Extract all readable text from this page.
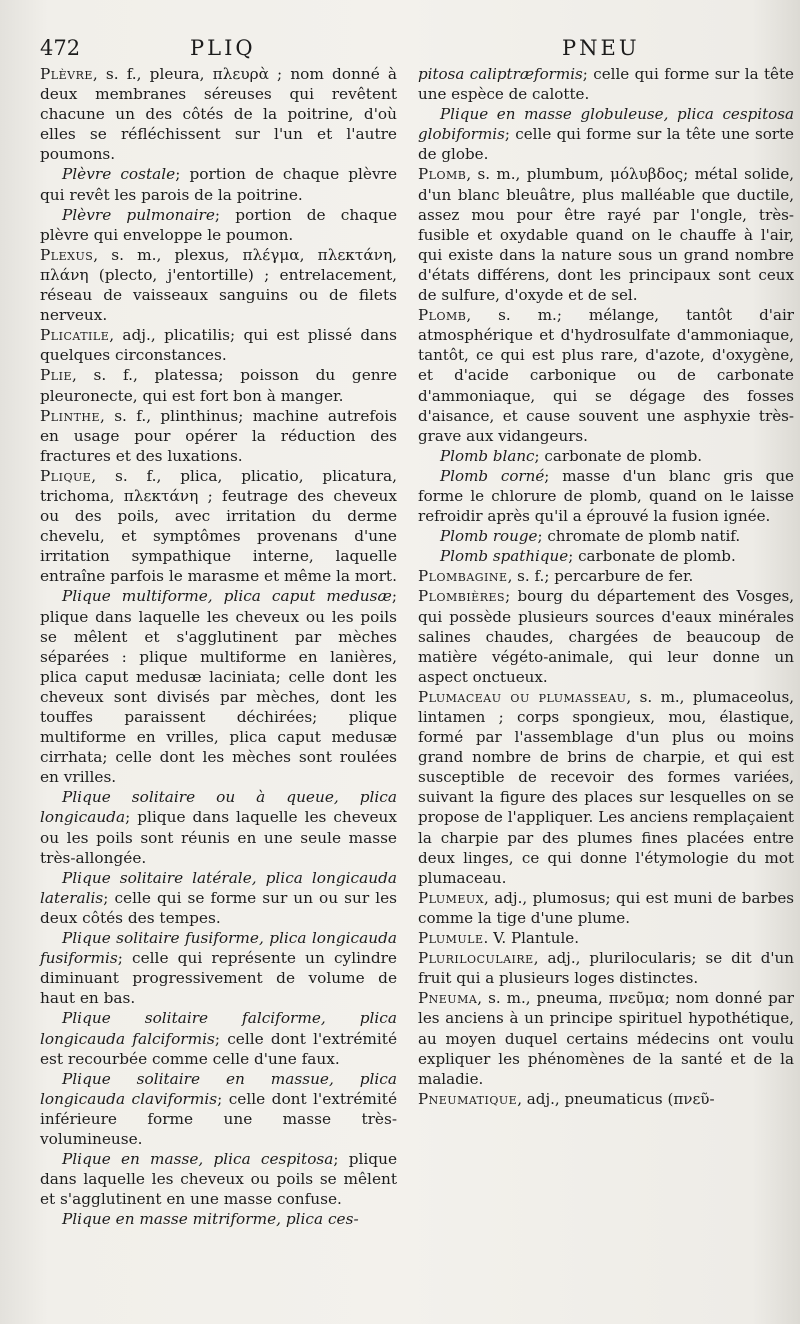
472	PLIQ	PNEU

Plèvre, s. f., pleura, πλευρὰ ; nom donné à deux membranes séreuses qui revêtent chacune un des côtés de la poitrine, d'où elles se réfléchissent sur l'un et l'autre poumons.

Plèvre costale; portion de chaque plèvre qui revêt les parois de la poitrine.

Plèvre pulmonaire; portion de chaque plèvre qui enveloppe le poumon.

Plexus, s. m., plexus, πλέγμα, πλεκτάνη, πλάνη (plecto, j'entortille) ; entrelacement, réseau de vaisseaux sanguins ou de filets nerveux.

Plicatile, adj., plicatilis; qui est plissé dans quelques circonstances.

Plie, s. f., platessa; poisson du genre pleuronecte, qui est fort bon à manger.

Plinthe, s. f., plinthinus; machine autrefois en usage pour opérer la réduction des fractures et des luxations.

Plique, s. f., plica, plicatio, plicatura, trichoma, πλεκτάνη ; feutrage des cheveux ou des poils, avec irritation du derme chevelu, et symptômes provenans d'une irritation sympathique interne, laquelle entraîne parfois le marasme et même la mort.

Plique multiforme, plica caput medusæ; plique dans laquelle les cheveux ou les poils se mêlent et s'agglutinent par mèches séparées : plique multiforme en lanières, plica caput medusæ laciniata; celle dont les cheveux sont divisés par mèches, dont les touffes paraissent déchirées; plique multiforme en vrilles, plica caput medusæ cirrhata; celle dont les mèches sont roulées en vrilles.

Plique solitaire ou à queue, plica longicauda; plique dans laquelle les cheveux ou les poils sont réunis en une seule masse très-allongée.

Plique solitaire latérale, plica longicauda lateralis; celle qui se forme sur un ou sur les deux côtés des tempes.

Plique solitaire fusiforme, plica longicauda fusiformis; celle qui représente un cylindre diminuant progressivement de volume de haut en bas.

Plique solitaire falciforme, plica longicauda falciformis; celle dont l'extrémité est recourbée comme celle d'une faux.

Plique solitaire en massue, plica longicauda claviformis; celle dont l'extrémité inférieure forme une masse très-volumineuse.

Plique en masse, plica cespitosa; plique dans laquelle les cheveux ou poils se mêlent et s'agglutinent en une masse confuse.

Plique en masse mitriforme, plica ces-

pitosa caliptræformis; celle qui forme sur la tête une espèce de calotte.

Plique en masse globuleuse, plica cespitosa globiformis; celle qui forme sur la tête une sorte de globe.

Plomb, s. m., plumbum, μόλυβδος; métal solide, d'un blanc bleuâtre, plus malléable que ductile, assez mou pour être rayé par l'ongle, très-fusible et oxydable quand on le chauffe à l'air, qui existe dans la nature sous un grand nombre d'états différens, dont les principaux sont ceux de sulfure, d'oxyde et de sel.

Plomb, s. m.; mélange, tantôt d'air atmosphérique et d'hydrosulfate d'ammoniaque, tantôt, ce qui est plus rare, d'azote, d'oxygène, et d'acide carbonique ou de carbonate d'ammoniaque, qui se dégage des fosses d'aisance, et cause souvent une asphyxie très-grave aux vidangeurs.

Plomb blanc; carbonate de plomb.

Plomb corné; masse d'un blanc gris que forme le chlorure de plomb, quand on le laisse refroidir après qu'il a éprouvé la fusion ignée.

Plomb rouge; chromate de plomb natif.

Plomb spathique; carbonate de plomb.

Plombagine, s. f.; percarbure de fer.

Plombières; bourg du département des Vosges, qui possède plusieurs sources d'eaux minérales salines chaudes, chargées de beaucoup de matière végéto-animale, qui leur donne un aspect onctueux.

Plumaceau ou plumasseau, s. m., plumaceolus, lintamen ; corps spongieux, mou, élastique, formé par l'assemblage d'un plus ou moins grand nombre de brins de charpie, et qui est susceptible de recevoir des formes variées, suivant la figure des places sur lesquelles on se propose de l'appliquer. Les anciens remplaçaient la charpie par des plumes fines placées entre deux linges, ce qui donne l'étymologie du mot plumaceau.

Plumeux, adj., plumosus; qui est muni de barbes comme la tige d'une plume.

Plumule. V. Plantule.

Pluriloculaire, adj., plurilocularis; se dit d'un fruit qui a plusieurs loges distinctes.

Pneuma, s. m., pneuma, πνεῦμα; nom donné par les anciens à un principe spirituel hypothétique, au moyen duquel certains médecins ont voulu expliquer les phénomènes de la santé et de la maladie.

Pneumatique, adj., pneumaticus (πνεῦ-
